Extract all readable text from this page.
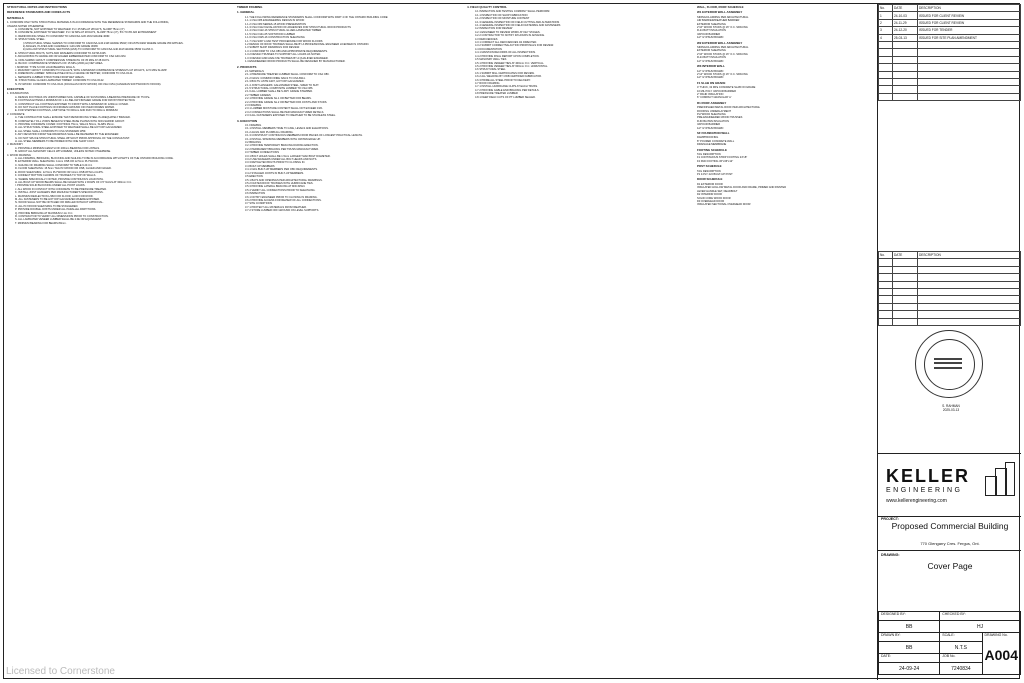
STRUCTURAL NOTES AND INSTRUCTIONS
REFERENCE STANDARDS AND CODES ACTS
MATERIALS
1. CONFORM ONLY WITH STRUCTURAL MATERIALS IN ACCORDANCE WITH THE REFERENCE STANDARDS AND THE FOLLOWING,
UNLESS NOTED OTHERWISE:
A. CONCRETE, NOT EXPOSED TO WEATHER: F'c= 25 MPa AT 28 DAYS, SLUMP 75mm (3")
B. CONCRETE, EXPOSED TO WEATHER: F'c= 32 MPa AT 28 DAYS, SLUMP 75mm (3"), 5% TO 8% AIR ENTRAINMENT
C. REINFORCING STEEL TO CONFORM TO CAN/CSA-G30.18-M GRADE 400R.
D. STRUCTURAL STEEL:
i) STRUCTURAL STEEL SHAPES TO CONFORM TO CAN/CSA-G40.21M GRADE 350W, OR ASTM A992 WHERE GRADE 350 APPLIES.
ii) ANGLES, PLATES AND CHANNELS: G40.21M GRADE 300W
iii) HOLLOW STRUCTURAL SECTIONS (HSS) TO CONFORM TO CAN/CSA-G40.21M GRADE 350W CLASS C.
E. STRUCTURAL BOLTS, NUTS AND WASHERS CONFORM TO ASTM A325.
F. ANCHOR BOLTS GRADE 400 OR HIGHER EMBEDDED PER CONFORM TO CSA G40.21M.
G. NON-SHRINK GROUT: COMPRESSIVE STRENGTH OF 35 MPa AT 28 DAYS.
H. BLOCK: COMPRESSIVE STRENGTH OF 15 MPa (2000 psi) NET AREA.
I. MORTAR: TYPE S FOR LOAD BEARING WALLS.
J. MASONRY GROUT: CONFORM TO CSA A179, WITH A MINIMUM COMPRESSIVE STRENGTH AT 28 DAYS, 12.5 MPa SLUMP.
K. DIMENSION LUMBER: SPRUCE-PINE-FIR No.2 GRADE OR BETTER, CONFORM TO CSA O141.
L. SEPARATE LUMBER STRUCTURE FROM WET AREAS.
M. STRUCTURAL GLUED LAMINATED TIMBER: CONFORM TO CSA O122.
N. PLYWOOD: CONFORM TO CSA O121 (DOUGLAS FIR PLYWOOD) OR CSA O151 (CANADIAN SOFTWOOD PLYWOOD).
EXECUTION
1. FOUNDATIONS
A. DESIGN FOOTINGS ON UNDISTURBED SOIL CAPABLE OF SUSTAINING A BEARING PRESSURE OF 75 KPa.
B. FOOTINGS EXTEND A MINIMUM OF 1.2m BELOW FINISHED GRADE FOR FROST PROTECTION.
C. CONSTRUCT ALL FOOTINGS EXPOSED TO FROST WITH A MINIMUM OF 1200mm COVER.
D. DO NOT PLACE FOOTINGS ON FROZEN GROUND OR OVER FROZEN WATER.
E. FOR STEPPED FOOTINGS, LIMIT RISE TO 600mm AND RUN TO 600mm MINIMUM.
2. CONCRETE
A. THE CONTRACTOR SHALL ENSURE THAT REINFORCING STEEL IS ADEQUATELY BRACED.
B. COMPLETELY FILL VOIDS BENEATH STEEL BASE PLATES WITH NON-SHRINK GROUT.
C. PROVIDE CONCRETE COVER: FOOTINGS 75mm, WALLS 50mm, SLABS 25mm.
D. ALL STRUCTURAL STEEL EXPOSED TO WEATHER SHALL BE HOT DIP GALVANIZED.
E. ALL STEEL SHALL CONFORM TO CSA STANDARD W59.
F. ANY DEVIATION FROM THE DRAWINGS SHALL BE REVIEWED BY THE ENGINEER.
G. DO NOT SPLICE STRUCTURAL STEEL WITHOUT PRIOR APPROVAL OF THE CONSULTANT.
H. ALL STEEL MEMBERS TO BE PRIMED WITH ONE SHOP COAT.
3. MASONRY
A. PROVIDE A MINIMUM LENGTH OF 200mm BEARING FOR LINTELS.
B. GROUT ALL MASONRY CELLS WITH REBAR, UNLESS NOTED OTHERWISE.
4. WOOD FRAMING
A. ALL FRAMING, BRIDGING, BLOCKING AND NAILING TO BE IN ACCORDANCE WITH PART 9 OF THE ONTARIO BUILDING CODE.
B. EXTERIOR WALL SHEATHING: 11mm OSB OR 12.5mm PLYWOOD.
C. NAILING OF FRAMING SHALL CONFORM TO TABLE 9.23.3.4.
D. FLOOR SHEATHING: 15.5mm T&G PLYWOOD OR OSB, GLUED AND NAILED.
E. ROOF SHEATHING: 12.5mm PLYWOOD OR 11mm OSB WITH H-CLIPS.
F. CONNECT BOTTOM CHORDS OF TRUSSES TO TOP OF WALLS.
G. WHERE SPECIFICALLY NOTED, PROVIDE CONTINUOUS LOAD PATH.
H. ALL BUILT-UP WOOD BEAMS SHALL BE NAILED WITH 2 ROWS OF 3.5" NAILS AT 300mm O.C.
I. PROVIDE SOLID BLOCKING UNDER ALL POINT LOADS.
J. ALL WOOD IN CONTACT WITH CONCRETE TO BE PRESSURE TREATED.
K. INSTALL JOIST HANGERS PER MANUFACTURER'S SPECIFICATIONS.
L. MAXIMUM DEFLECTION L/360 FOR FLOOR, L/240 FOR ROOF.
M. ALL FASTENERS TO BE HOT DIP GALVANIZED WHERE EXPOSED.
N. WOOD SHALL NOT BE NOTCHED OR DRILLED WITHOUT APPROVAL.
O. ALL PLYWOOD SHEATHING TO BE STAGGERED.
P. PROVIDE DOUBLE JOISTS UNDER ALL PARALLEL PARTITIONS.
Q. PROVIDE BRIDGING AT MAXIMUM 2.1m O.C.
R. CONTRACTOR TO VERIFY ALL DIMENSIONS PRIOR TO CONSTRUCTION.
S. ALL LAMINATED VENEER LUMBER SHALL BE 2.0E OR EQUIVALENT.
T. MINIMUM BEARING FOR BEAMS 89mm.
TIMBER FRAMING
1. GENERAL
1.1 THE FOLLOWING REFERENCE STANDARDS SHALL CONFORM WITH PART 4 OF THE ONTARIO BUILDING CODE:
1.1.1 CSA O86 ENGINEERING DESIGN IN WOOD
1.1.2 CSA O80 SERIES-15 WOOD PRESERVATION
1.1.3 CSA O112.9 EVALUATION OF ADHESIVES FOR STRUCTURAL WOOD PRODUCTS
1.1.4 CSA O122-16 STRUCTURAL GLUED-LAMINATED TIMBER
1.1.5 CSA O141-05 SOFTWOOD LUMBER
1.1.6 CSA O325-16 CONSTRUCTION SHEATHING
1.1.7 CSA S307 LOAD TEST PROCEDURE FOR WOOD FLOORS
1.2 DESIGN OF ROOF TRUSSES SHALL BE BY A PROFESSIONAL ENGINEER LICENSED IN ONTARIO.
1.3 SUBMIT SHOP DRAWINGS FOR REVIEW.
1.3.1 CONFORM TO CSA O86 AND APPROPRIATE REQUIREMENTS.
1.3.2 DESIGN TRUSSES TO SUPPORT ALL LOADS AS NOTED.
1.3.3 DESIGN AND ANALYZE TRUSSES BY A QUALIFIED ENGINEER.
1.4 ENGINEERED WOOD PRODUCTS SHALL BE DESIGNED BY MANUFACTURER.
2. PRODUCTS
2.1 MATERIALS
2.1.1 PRESSURE TREATED LUMBER SHALL CONFORM TO CSA O80.
2.1.2 NAILS: COMMON WIRE NAILS TO CSA B111.
2.1.3 BOLTS: ASTM A307, HOT DIP GALVANIZED.
2.1.4 JOIST HANGERS: GALVANIZED STEEL, SIZED TO SUIT.
2.1.5 STRUCTURAL COMPOSITE LUMBER TO CSA O86.
2.1.6 ALL LUMBER SHALL BE S-DRY GRADE STAMPED.
2.2 TIMBER GRADES
2.2.1 PROVIDE GRADE No.1 OR BETTER FOR BEAMS.
2.2.2 PROVIDE GRADE No.2 OR BETTER FOR JOISTS AND STUDS.
2.3 FRAMING
2.3.1 LUMBER MOISTURE CONTENT SHALL NOT EXCEED 19%.
2.3.2 CONNECTIONS SHALL BE PER MANUFACTURER DETAILS.
2.3.3 ALL FASTENERS EXPOSED TO WEATHER TO BE STAINLESS STEEL.
3. EXECUTION
3.1 FRAMING
3.1.1 INSTALL MEMBERS TRUE TO LINE, LEVELS AND ELEVATIONS.
3.1.2 ALIGN AND PLUMB ALL FRAMING.
3.1.3 CONSTRUCT CONTINUOUS MEMBERS FROM PIECES OF LONGEST PRACTICAL LENGTH.
3.1.4 INSTALL SPANNING MEMBERS WITH CROWN EDGE UP.
3.2 BRACING
3.2.1 PROVIDE TEMPORARY BRACING DURING ERECTION.
3.2.2 PERMANENT BRACING PER TRUSS MANUFACTURER.
3.3 TIMBER CONNECTIONS
3.3.1 BOLT HOLES SHALL BE 1.5mm LARGER THAN BOLT DIAMETER.
3.3.2 USE WASHERS UNDER ALL BOLT HEADS AND NUTS.
3.3.3 RETIGHTEN BOLTS PRIOR TO CLOSING IN.
3.4 BUILT-UP MEMBERS
3.4.1 NAIL BUILT-UP MEMBERS PER OBC REQUIREMENTS.
3.4.2 STAGGER JOINTS IN BUILT-UP MEMBERS.
3.5 ERECTION
3.5.1 BAYS AND OPENINGS PER ARCHITECTURAL DRAWINGS.
3.5.2 FASTEN ROOF TRUSSES WITH HURRICANE TIES.
3.5.3 PROVIDE LATERAL BRACING AT MID-SPAN.
3.5.4 VERIFY ALL CONNECTIONS PRIOR TO SHEATHING.
3.6 INSPECTION
3.6.1 NOTIFY ENGINEER PRIOR TO CLOSING IN FRAMING.
3.6.2 PROVIDE ACCESS FOR REVIEW OF ALL CONNECTIONS.
3.7 SITE CONDITIONS
3.7.1 PROTECT ALL MATERIALS FROM WEATHER.
3.7.2 STORE LUMBER OFF GROUND ON LEVEL SUPPORTS.
4. FIELD QUALITY CONTROL
4.1 INSPECTION AND TESTING COMPANY SHALL PERFORM:
4.1.1 INSPECTION OF SHOP FABRICATION
4.1.2 INSPECTION OF MOISTURE CONTENT
4.1.3 GENERAL INSPECTION OF FIELD CUTTING AND ALTERATIONS
4.1.4 GENERAL INSPECTION OF FIELD FASTENING AND FASTENERS
4.2 INSPECTION FOR REVIEW
4.2.1 ENGINEER TO REVIEW WORK AT KEY STAGES.
4.2.2 CONTRACTOR TO NOTIFY 48 HOURS IN ADVANCE.
4.3 DEFICIENCIES
4.3.1 CORRECT ALL DEFICIENCIES AS DIRECTED.
4.3.2 SUBMIT CORRECTIVE ACTION PROPOSALS FOR REVIEW.
4.4 DOCUMENTATION
4.4.1 MAINTAIN RECORDS OF ALL INSPECTIONS.
4.4.2 PROVIDE FINAL REPORT UPON COMPLETION.
4.5 MASONRY WALL TIES
4.5.1 PROVIDE VENEER TIES AT 400mm O.C. VERTICAL.
4.5.2 PROVIDE VENEER TIES AT 600mm O.C. HORIZONTAL.
4.6 STRUCTURAL STEEL
4.6.1 SUBMIT MILL CERTIFICATES FOR REVIEW.
4.6.2 ALL WELDING BY CWB CERTIFIED FABRICATOR.
4.6.3 PRIME ALL STEEL PRIOR TO DELIVERY.
4.7 ROOF FRAMING
4.7.1 INSTALL HURRICANE CLIPS AT EACH TRUSS.
4.7.2 PROVIDE GABLE END BRACING PER DETAILS.
4.8 PRESSURE TREATED LUMBER
4.8.1 KEEP FIELD CUTS OF PT LUMBER SEALED.
WALL, FLOOR, ROOF SCHEDULE
W1 EXTERIOR WALL ASSEMBLY
SIDING/CLADDING PER ARCHITECTURAL
AIR BARRIER/WEATHER BARRIER
EXTERIOR SHEATHING
2"x6" WOOD STUDS @ 16" O.C. SPACING
R-24 BATT INSULATION
VAPOUR BARRIER
1/2" GYPSUM BOARD
W2 EXTERIOR WALL ASSEMBLY
SIDING/CLADDING PER ARCHITECTURAL
EXTERIOR SHEATHING
2"x6" WOOD STUDS @ 16" O.C. SPACING
R-24 BATT INSULATION
1/2" GYPSUM BOARD
W3 INTERIOR WALL
1/2" GYPSUM BOARD
2"x4" WOOD STUDS @ 16" O.C. SPACING
1/2" GYPSUM BOARD
F1 SLAB ON GRADE
4" THICK, 32 MPa CONCRETE SLAB ON GRADE
10 MIL POLY VAPOUR BARRIER
2" RIGID INSULATION
6" COMPACT GRANULAR 'A'
R1 ROOF ASSEMBLY
PREFINISHED METAL ROOF PER ARCHITECTURAL
ROOFING UNDERLAYMENT
PLYWOOD SHEATHING
PRE-ENGINEERED WOOD TRUSSES
R-60 BLOWN INSULATION
VAPOUR BARRIER
1/2" GYPSUM BOARD
SF FOUNDATION WALL
DAMPPROOFING
8" POURED CONCRETE WALL
DRAINAGE MEMBRANE
FOOTING SCHEDULE
TAG DESCRIPTION
F1 CONTINUOUS STRIP FOOTING 24"x8"
F2 PAD FOOTING 36"x36"x12"
POST SCHEDULE
TAG DESCRIPTION
P1 3-PLY 2x6 BUILT-UP POST
DOOR SCHEDULE
D1 EXTERIOR DOOR
INSULATED HOLLOW METAL DOOR AND FRAME, PRIMED AND PAINTED
LEVER HANDLE SET, DEADBOLT
D2 INTERIOR DOOR
SOLID CORE WOOD DOOR
D3 OVERHEAD DOOR
INSULATED SECTIONAL OVERHEAD DOOR
No.	DATE	DESCRIPTION
1	24-10-03	ISSUED FOR CLIENT REVIEW
2	24-11-29	ISSUED FOR CLIENT REVIEW
3	24-12-20	ISSUED FOR TENDER
4	25-03-13	ISSUED FOR SITE PLAN AMENDMENT

No.	DATE	DESCRIPTION

S. RAHMAN
2025-03-13
KELLER
ENGINEERING
www.kellerengineering.com
PROJECT:
Proposed Commercial Building
770 Glengarry Cres. Fergus, Ont.
DRAWING:
Cover Page
DESIGNED BY:	CHECKED BY:	

BB	HJ	
DRAWN BY:	SCALE:	DRAWING No.
A004

BB	N.T.S	
DATE:	JOB No.	
24-09-24	7240834	
Licensed to Cornerstone
